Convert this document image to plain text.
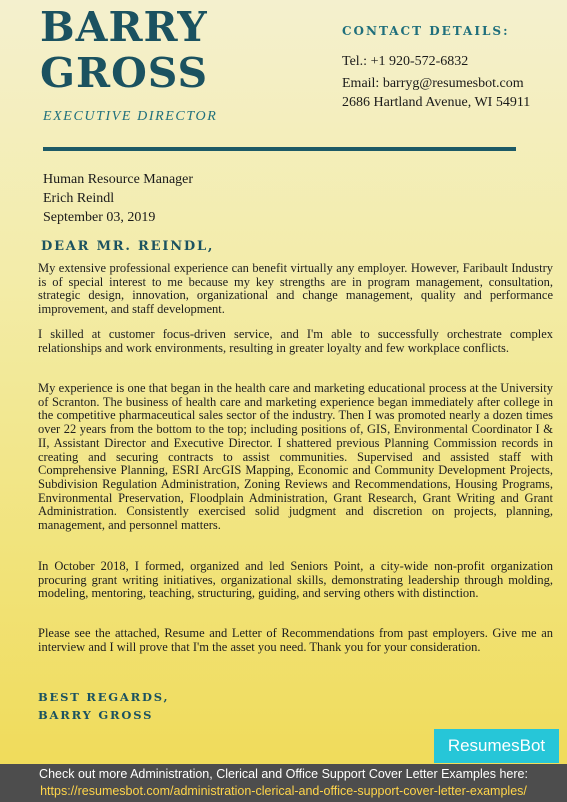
BARRY
GROSS
EXECUTIVE DIRECTOR
CONTACT DETAILS:
Tel.: +1 920-572-6832
Email: barryg@resumesbot.com
2686 Hartland Avenue, WI 54911
Human Resource Manager
Erich Reindl
September 03, 2019
DEAR MR. REINDL,

My extensive professional experience can benefit virtually any employer. However, Faribault Industry is of special interest to me because my key strengths are in program management, consultation, strategic design, innovation, organizational and change management, quality and performance improvement, and staff development.

I skilled at customer focus-driven service, and I'm able to successfully orchestrate complex relationships and work environments, resulting in greater loyalty and few workplace conflicts.

My experience is one that began in the health care and marketing educational process at the University of Scranton. The business of health care and marketing experience began immediately after college in the competitive pharmaceutical sales sector of the industry. Then I was promoted nearly a dozen times over 22 years from the bottom to the top; including positions of, GIS, Environmental Coordinator I & II, Assistant Director and Executive Director. I shattered previous Planning Commission records in creating and securing contracts to assist communities. Supervised and assisted staff with Comprehensive Planning, ESRI ArcGIS Mapping, Economic and Community Development Projects, Subdivision Regulation Administration, Zoning Reviews and Recommendations, Housing Programs, Environmental Preservation, Floodplain Administration, Grant Research, Grant Writing and Grant Administration. Consistently exercised solid judgment and discretion on projects, planning, management, and personnel matters.

In October 2018, I formed, organized and led Seniors Point, a city-wide non-profit organization procuring grant writing initiatives, organizational skills, demonstrating leadership through molding, modeling, mentoring, teaching, structuring, guiding, and serving others with distinction.

Please see the attached, Resume and Letter of Recommendations from past employers. Give me an interview and I will prove that I'm the asset you need. Thank you for your consideration.

BEST REGARDS,
BARRY GROSS
ResumesBot
Check out more Administration, Clerical and Office Support Cover Letter Examples here:
https://resumesbot.com/administration-clerical-and-office-support-cover-letter-examples/
